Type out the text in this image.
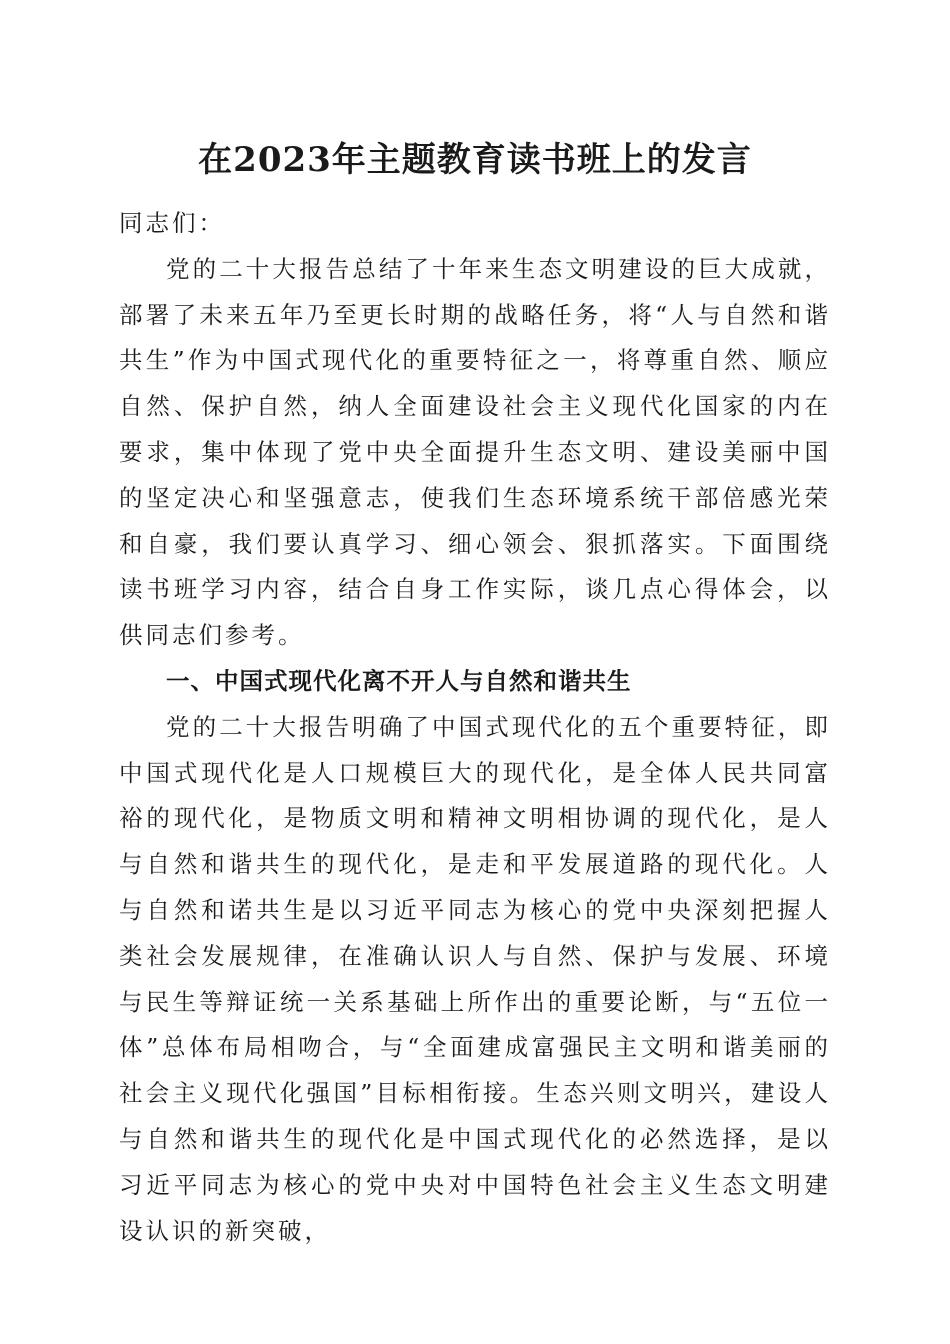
在2023年主题教育读书班上的发言

同志们：

党的二十大报告总结了十年来生态文明建设的巨大成就，部署了未来五年乃至更长时期的战略任务，将“人与自然和谐共生”作为中国式现代化的重要特征之一，将尊重自然、顺应自然、保护自然，纳人全面建设社会主义现代化国家的内在要求，集中体现了党中央全面提升生态文明、建设美丽中国的坚定决心和坚强意志，使我们生态环境系统干部倍感光荣和自豪，我们要认真学习、细心领会、狠抓落实。下面围绕读书班学习内容，结合自身工作实际，谈几点心得体会，以供同志们参考。

一、中国式现代化离不开人与自然和谐共生

党的二十大报告明确了中国式现代化的五个重要特征，即中国式现代化是人口规模巨大的现代化，是全体人民共同富裕的现代化，是物质文明和精神文明相协调的现代化，是人与自然和谐共生的现代化，是走和平发展道路的现代化。人与自然和诺共生是以习近平同志为核心的党中央深刻把握人类社会发展规律，在准确认识人与自然、保护与发展、环境与民生等辩证统一关系基础上所作出的重要论断，与“五位一体”总体布局相吻合，与“全面建成富强民主文明和谐美丽的社会主义现代化强国”目标相衔接。生态兴则文明兴，建设人与自然和谐共生的现代化是中国式现代化的必然选择，是以习近平同志为核心的党中央对中国特色社会主义生态文明建设认识的新突破，
